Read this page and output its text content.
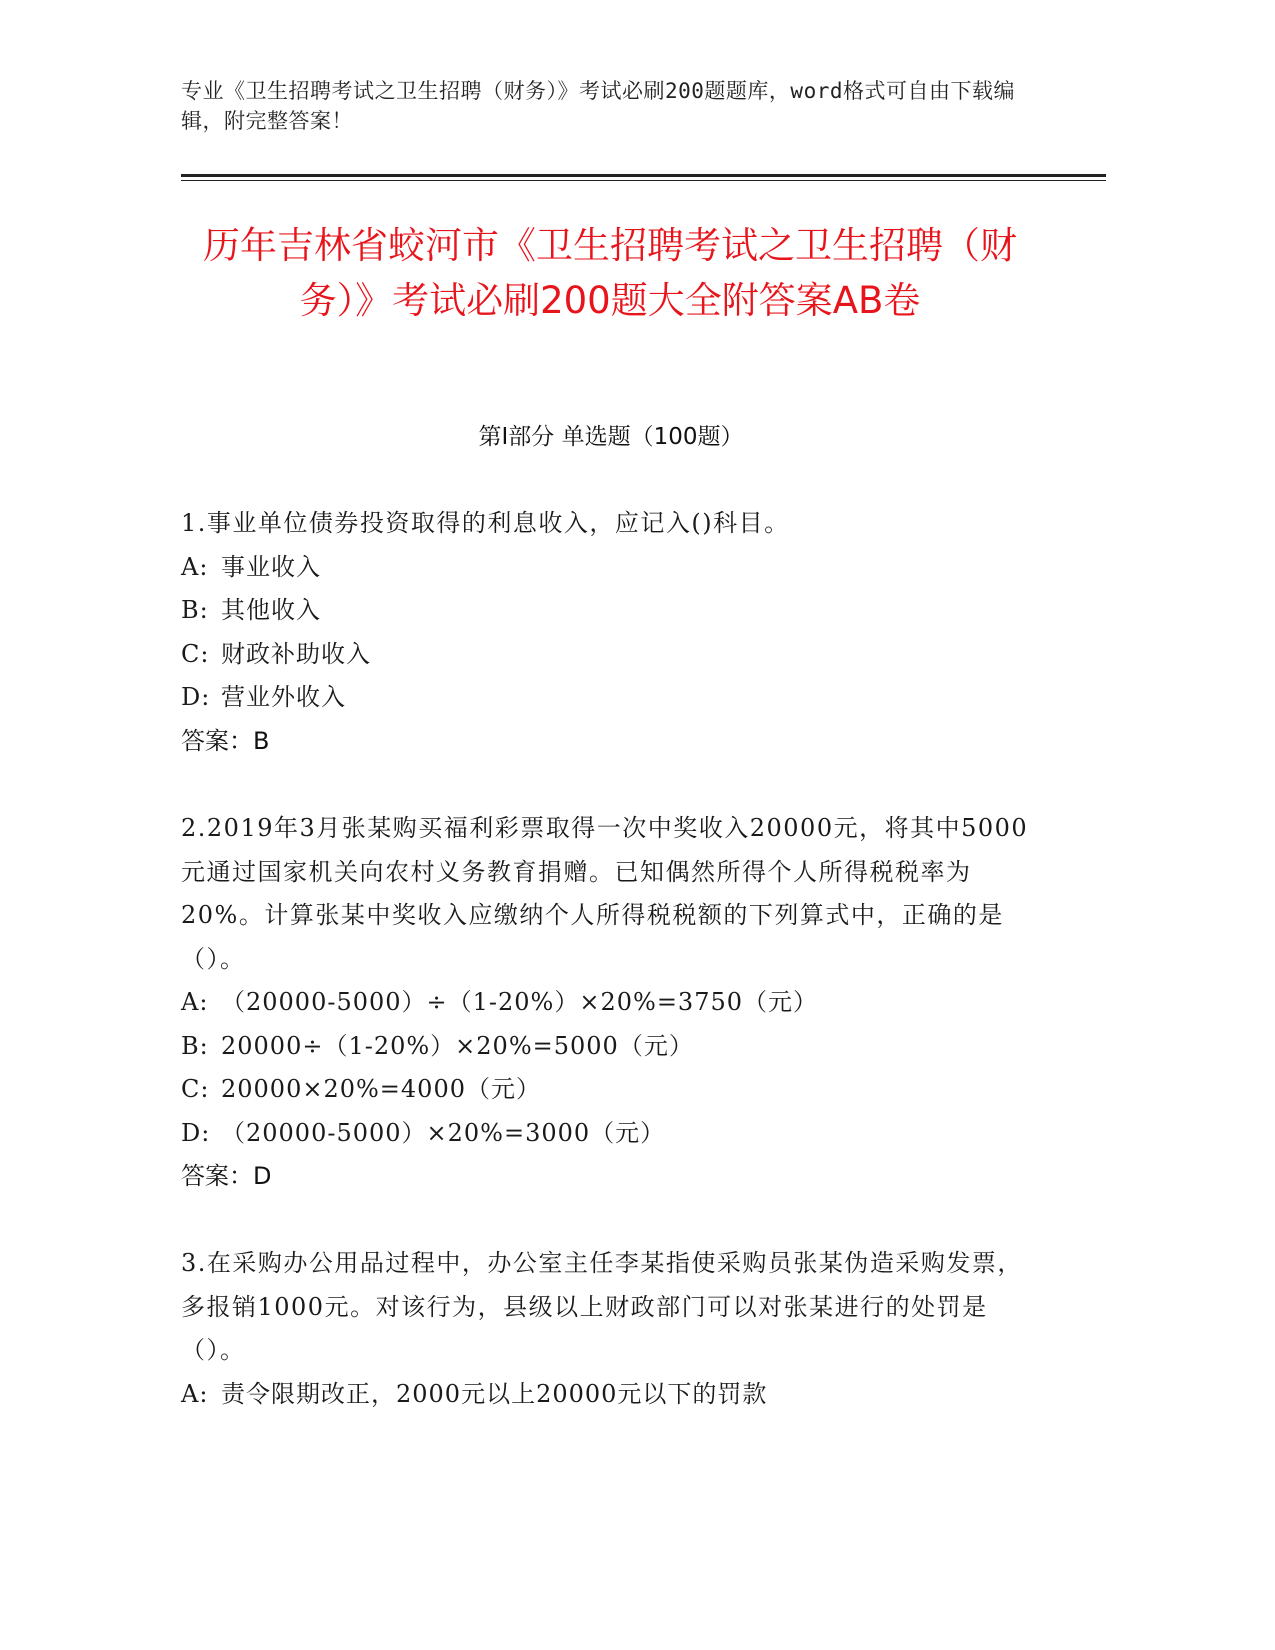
专业《卫生招聘考试之卫生招聘（财务）》考试必刷200题题库，word格式可自由下载编辑，附完整答案！
历年吉林省蛟河市《卫生招聘考试之卫生招聘（财务）》考试必刷200题大全附答案AB卷
第I部分 单选题（100题）
1.事业单位债券投资取得的利息收入，应记入()科目。
A: 事业收入
B: 其他收入
C: 财政补助收入
D: 营业外收入
答案：B
2.2019年3月张某购买福利彩票取得一次中奖收入20000元，将其中5000元通过国家机关向农村义务教育捐赠。已知偶然所得个人所得税税率为20%。计算张某中奖收入应缴纳个人所得税税额的下列算式中，正确的是（）。
A: （20000-5000）÷（1-20%）×20%=3750（元）
B: 20000÷（1-20%）×20%=5000（元）
C: 20000×20%=4000（元）
D: （20000-5000）×20%=3000（元）
答案：D
3.在采购办公用品过程中，办公室主任李某指使采购员张某伪造采购发票，多报销1000元。对该行为，县级以上财政部门可以对张某进行的处罚是（）。
A: 责令限期改正，2000元以上20000元以下的罚款
